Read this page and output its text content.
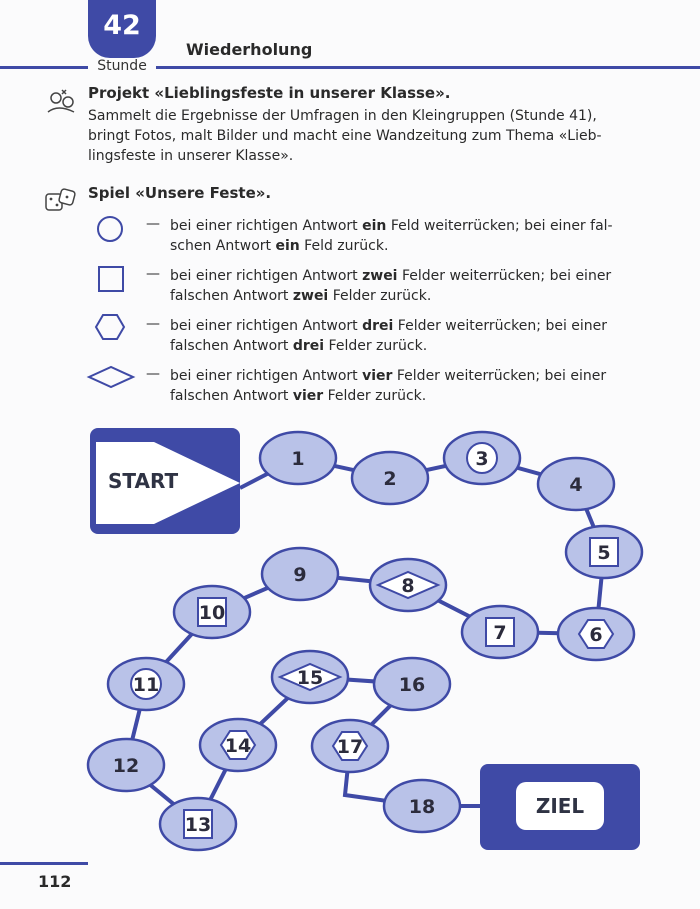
42
Stunde
Wiederholung
Projekt «Lieblingsfeste in unserer Klasse».
Sammelt die Ergebnisse der Umfragen in den Kleingruppen (Stunde 41),
bringt Fotos, malt Bilder und macht eine Wandzeitung zum Thema «Lieb-
lingsfeste in unserer Klasse».
Spiel «Unsere Feste».
— bei einer richtigen Antwort ein Feld weiterrücken; bei einer fal-
schen Antwort ein Feld zurück.
— bei einer richtigen Antwort zwei Felder weiterrücken; bei einer
falschen Antwort zwei Felder zurück.
— bei einer richtigen Antwort drei Felder weiterrücken; bei einer
falschen Antwort drei Felder zurück.
— bei einer richtigen Antwort vier Felder weiterrücken; bei einer
falschen Antwort vier Felder zurück.
START
ZIEL
1
2
3
4
5
6
7
8
9
10
11
12
13
14
15	16
17
18
112
